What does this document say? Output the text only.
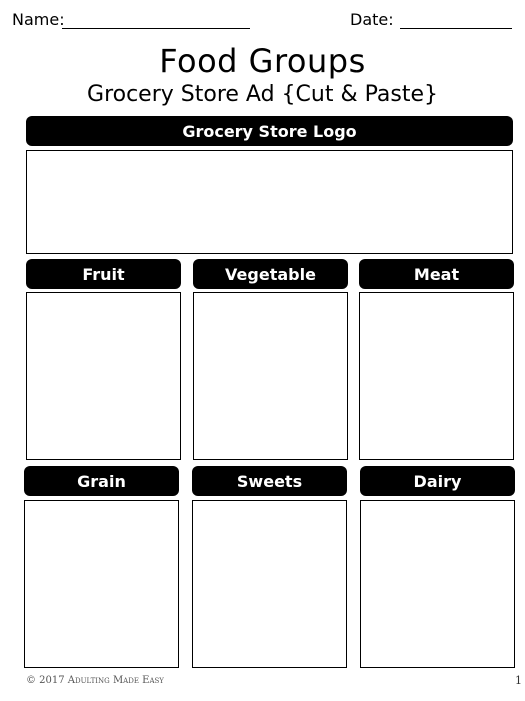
Name:	Date:
Food Groups
Grocery Store Ad {Cut & Paste}
Grocery Store Logo
Fruit	Vegetable	Meat
Grain	Sweets	Dairy
© 2017 Adulting Made Easy	1
